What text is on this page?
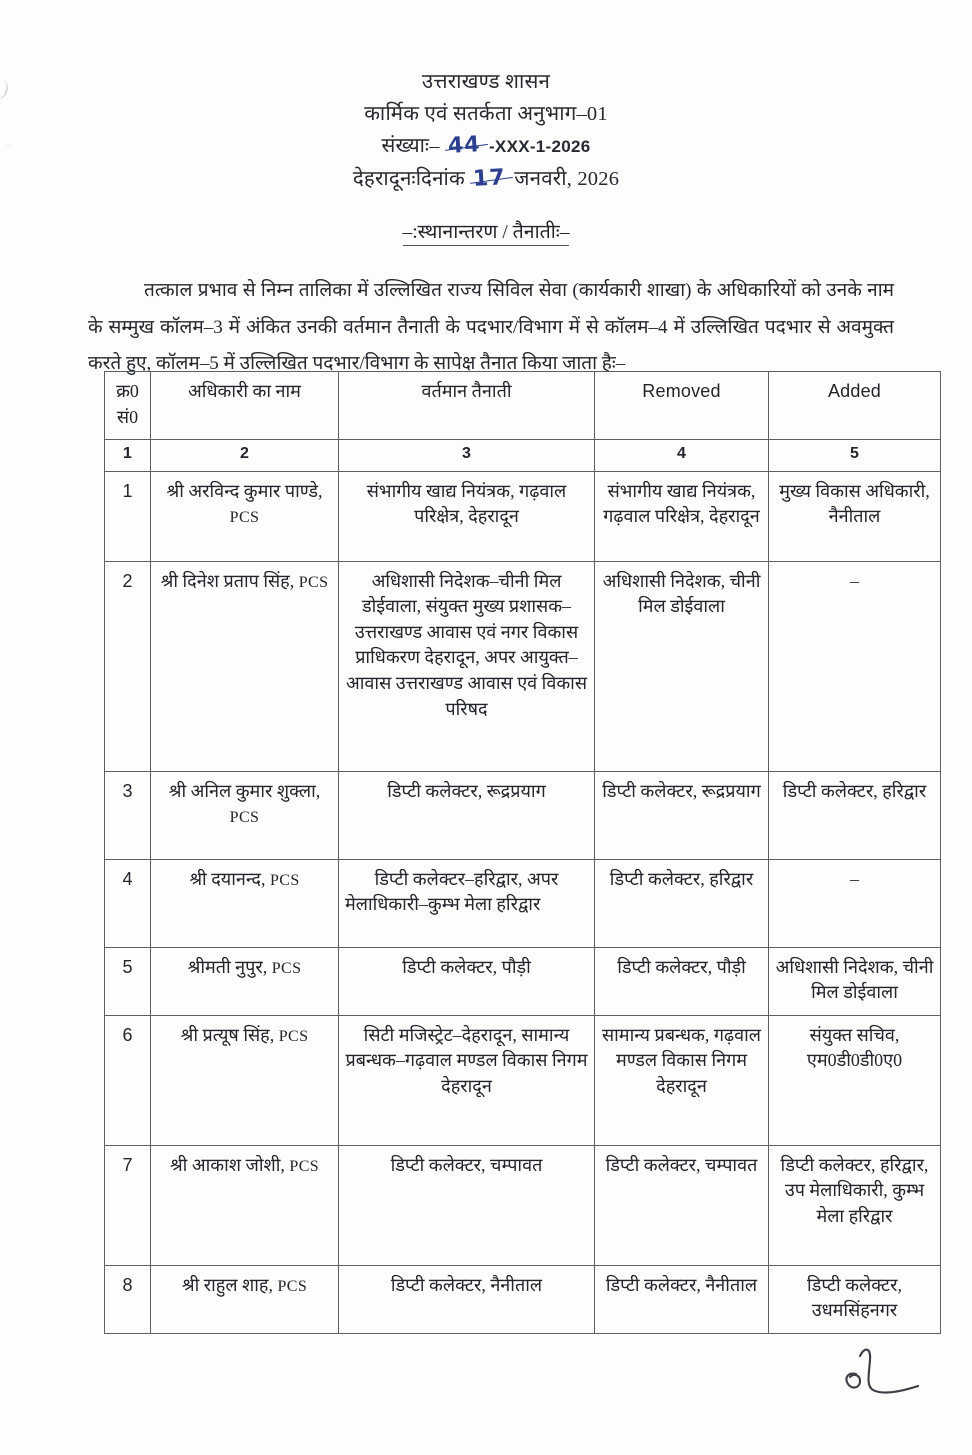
)
~
उत्तराखण्ड शासन
कार्मिक एवं सतर्कता अनुभाग–01
संख्याः– 44 -XXX-1-2026
देहरादूनःदिनांक 17 जनवरी, 2026
–:स्थानान्तरण / तैनातीः–

तत्काल प्रभाव से निम्न तालिका में उल्लिखित राज्य सिविल सेवा (कार्यकारी शाखा) के अधिकारियों को उनके नाम के सम्मुख कॉलम–3 में अंकित उनकी वर्तमान तैनाती के पदभार/विभाग में से कॉलम–4 में उल्लिखित पदभार से अवमुक्त करते हुए, कॉलम–5 में उल्लिखित पदभार/विभाग के सापेक्ष तैनात किया जाता हैः–

क्र0 सं0	अधिकारी का नाम	वर्तमान तैनाती	Removed	Added
1	2	3	4	5
1	श्री अरविन्द कुमार पाण्डे, PCS	संभागीय खाद्य नियंत्रक, गढ़वाल परिक्षेत्र, देहरादून	संभागीय खाद्य नियंत्रक, गढ़वाल परिक्षेत्र, देहरादून	मुख्य विकास अधिकारी, नैनीताल
2	श्री दिनेश प्रताप सिंह, PCS	अधिशासी निदेशक–चीनी मिल डोईवाला, संयुक्त मुख्य प्रशासक–उत्तराखण्ड आवास एवं नगर विकास प्राधिकरण देहरादून, अपर आयुक्त–आवास उत्तराखण्ड आवास एवं विकास परिषद	अधिशासी निदेशक, चीनी मिल डोईवाला	–
3	श्री अनिल कुमार शुक्ला, PCS	डिप्टी कलेक्टर, रूद्रप्रयाग	डिप्टी कलेक्टर, रूद्रप्रयाग	डिप्टी कलेक्टर, हरिद्वार
4	श्री दयानन्द, PCS	डिप्टी कलेक्टर–हरिद्वार, अपर मेलाधिकारी–कुम्भ मेला हरिद्वार	डिप्टी कलेक्टर, हरिद्वार	–
5	श्रीमती नुपुर, PCS	डिप्टी कलेक्टर, पौड़ी	डिप्टी कलेक्टर, पौड़ी	अधिशासी निदेशक, चीनी मिल डोईवाला
6	श्री प्रत्यूष सिंह, PCS	सिटी मजिस्ट्रेट–देहरादून, सामान्य प्रबन्धक–गढ़वाल मण्डल विकास निगम देहरादून	सामान्य प्रबन्धक, गढ़वाल मण्डल विकास निगम देहरादून	संयुक्त सचिव, एम0डी0डी0ए0
7	श्री आकाश जोशी, PCS	डिप्टी कलेक्टर, चम्पावत	डिप्टी कलेक्टर, चम्पावत	डिप्टी कलेक्टर, हरिद्वार, उप मेलाधिकारी, कुम्भ मेला हरिद्वार
8	श्री राहुल शाह, PCS	डिप्टी कलेक्टर, नैनीताल	डिप्टी कलेक्टर, नैनीताल	डिप्टी कलेक्टर, उधमसिंहनगर
